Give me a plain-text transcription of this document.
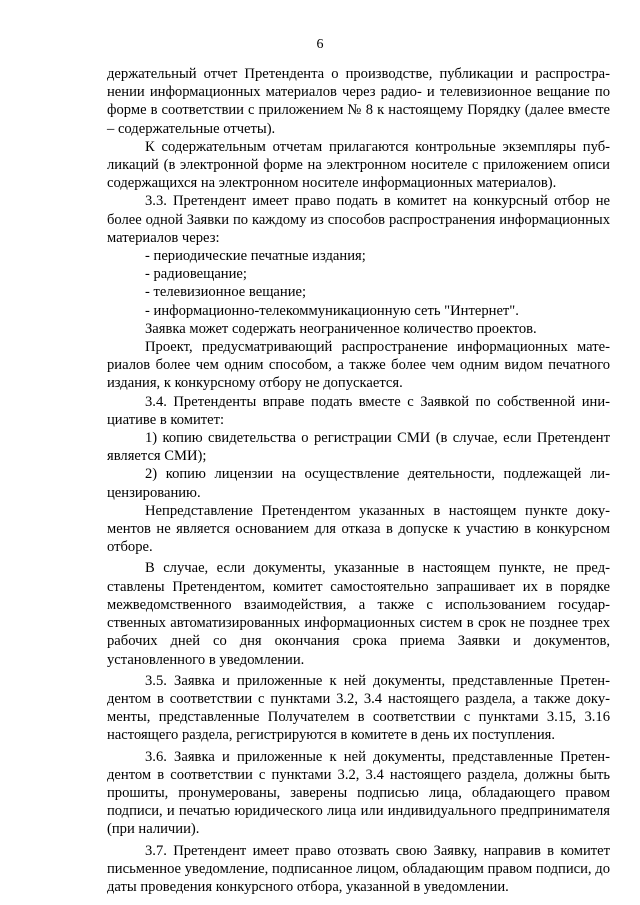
6

держательный отчет Претендента о производстве, публикации и распространении информационных материалов через радио- и телевизионное вещание по форме в соответствии с приложением № 8 к настоящему Порядку (далее вместе – содержательные отчеты).

К содержательным отчетам прилагаются контрольные экземпляры публикаций (в электронной форме на электронном носителе с приложением описи содержащихся на электронном носителе информационных материалов).

3.3. Претендент имеет право подать в комитет на конкурсный отбор не более одной Заявки по каждому из способов распространения информационных материалов через:

- периодические печатные издания;

- радиовещание;

- телевизионное вещание;

- информационно-телекоммуникационную сеть "Интернет".

Заявка может содержать неограниченное количество проектов.

Проект, предусматривающий распространение информационных материалов более чем одним способом, а также более чем одним видом печатного издания, к конкурсному отбору не допускается.

3.4. Претенденты вправе подать вместе с Заявкой по собственной инициативе в комитет:

1) копию свидетельства о регистрации СМИ (в случае, если Претендент является СМИ);

2) копию лицензии на осуществление деятельности, подлежащей лицензированию.

Непредставление Претендентом указанных в настоящем пункте документов не является основанием для отказа в допуске к участию в конкурсном отборе.

В случае, если документы, указанные в настоящем пункте, не представлены Претендентом, комитет самостоятельно запрашивает их в порядке межведомственного взаимодействия, а также с использованием государственных автоматизированных информационных систем в срок не позднее трех рабочих дней со дня окончания срока приема Заявки и документов, установленного в уведомлении.

3.5. Заявка и приложенные к ней документы, представленные Претендентом в соответствии с пунктами 3.2, 3.4 настоящего раздела, а также документы, представленные Получателем в соответствии с пунктами 3.15, 3.16 настоящего раздела, регистрируются в комитете в день их поступления.

3.6. Заявка и приложенные к ней документы, представленные Претендентом в соответствии с пунктами 3.2, 3.4 настоящего раздела, должны быть прошиты, пронумерованы, заверены подписью лица, обладающего правом подписи, и печатью юридического лица или индивидуального предпринимателя (при наличии).

3.7. Претендент имеет право отозвать свою Заявку, направив в комитет письменное уведомление, подписанное лицом, обладающим правом подписи, до даты проведения конкурсного отбора, указанной в уведомлении.
